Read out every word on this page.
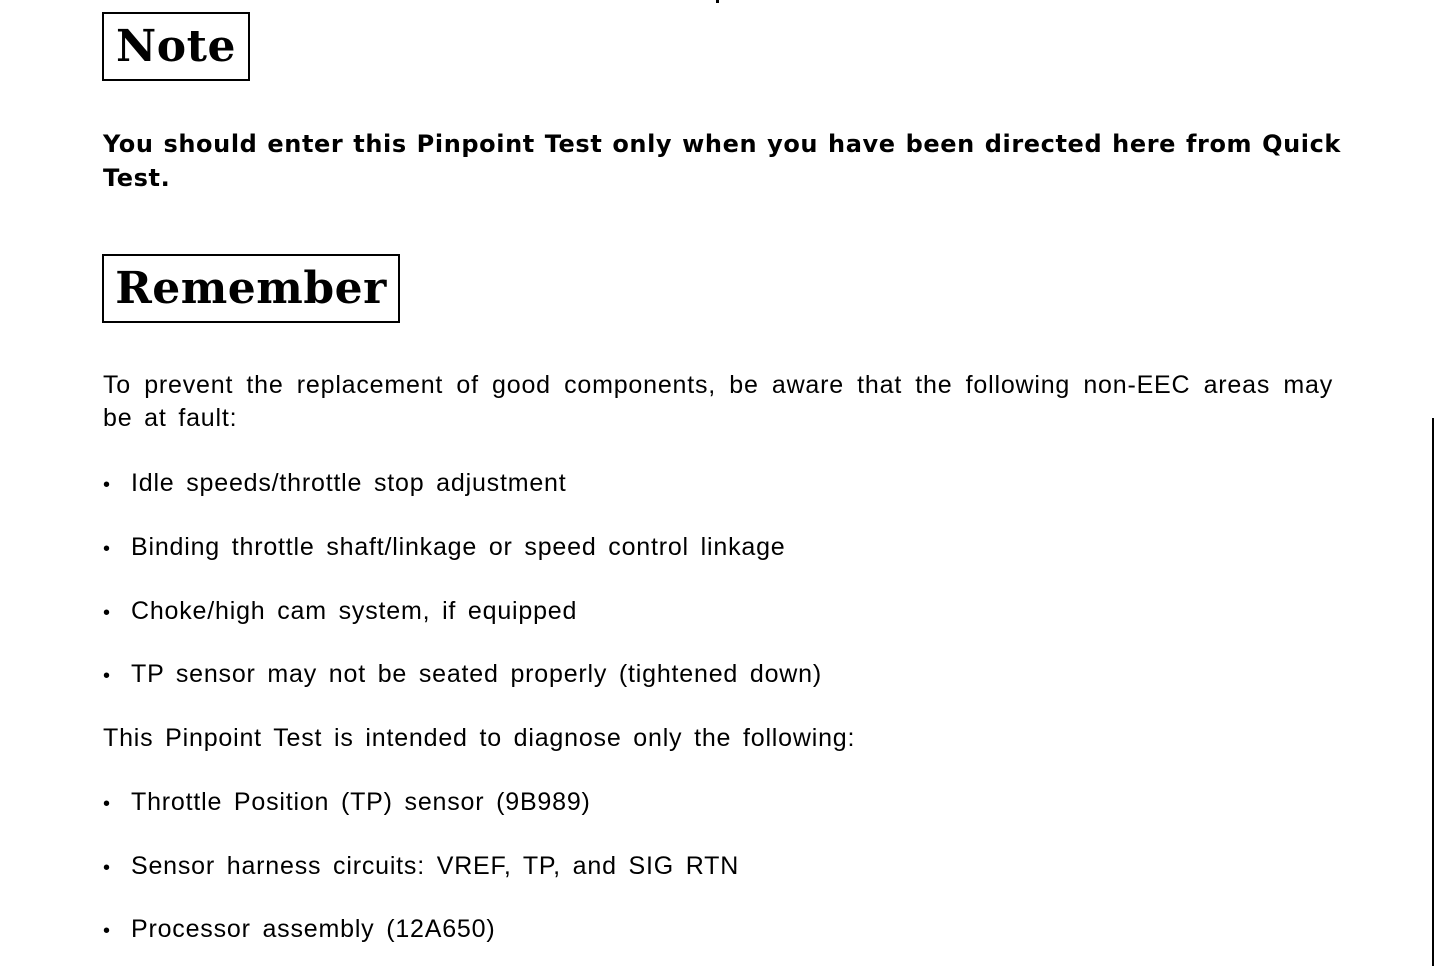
Note
You should enter this Pinpoint Test only when you have been directed here from Quick Test.
Remember
To prevent the replacement of good components, be aware that the following non-EEC areas may be at fault:
• Idle speeds/throttle stop adjustment
• Binding throttle shaft/linkage or speed control linkage
• Choke/high cam system, if equipped
• TP sensor may not be seated properly (tightened down)
This Pinpoint Test is intended to diagnose only the following:
• Throttle Position (TP) sensor (9B989)
• Sensor harness circuits: VREF, TP, and SIG RTN
• Processor assembly (12A650)
